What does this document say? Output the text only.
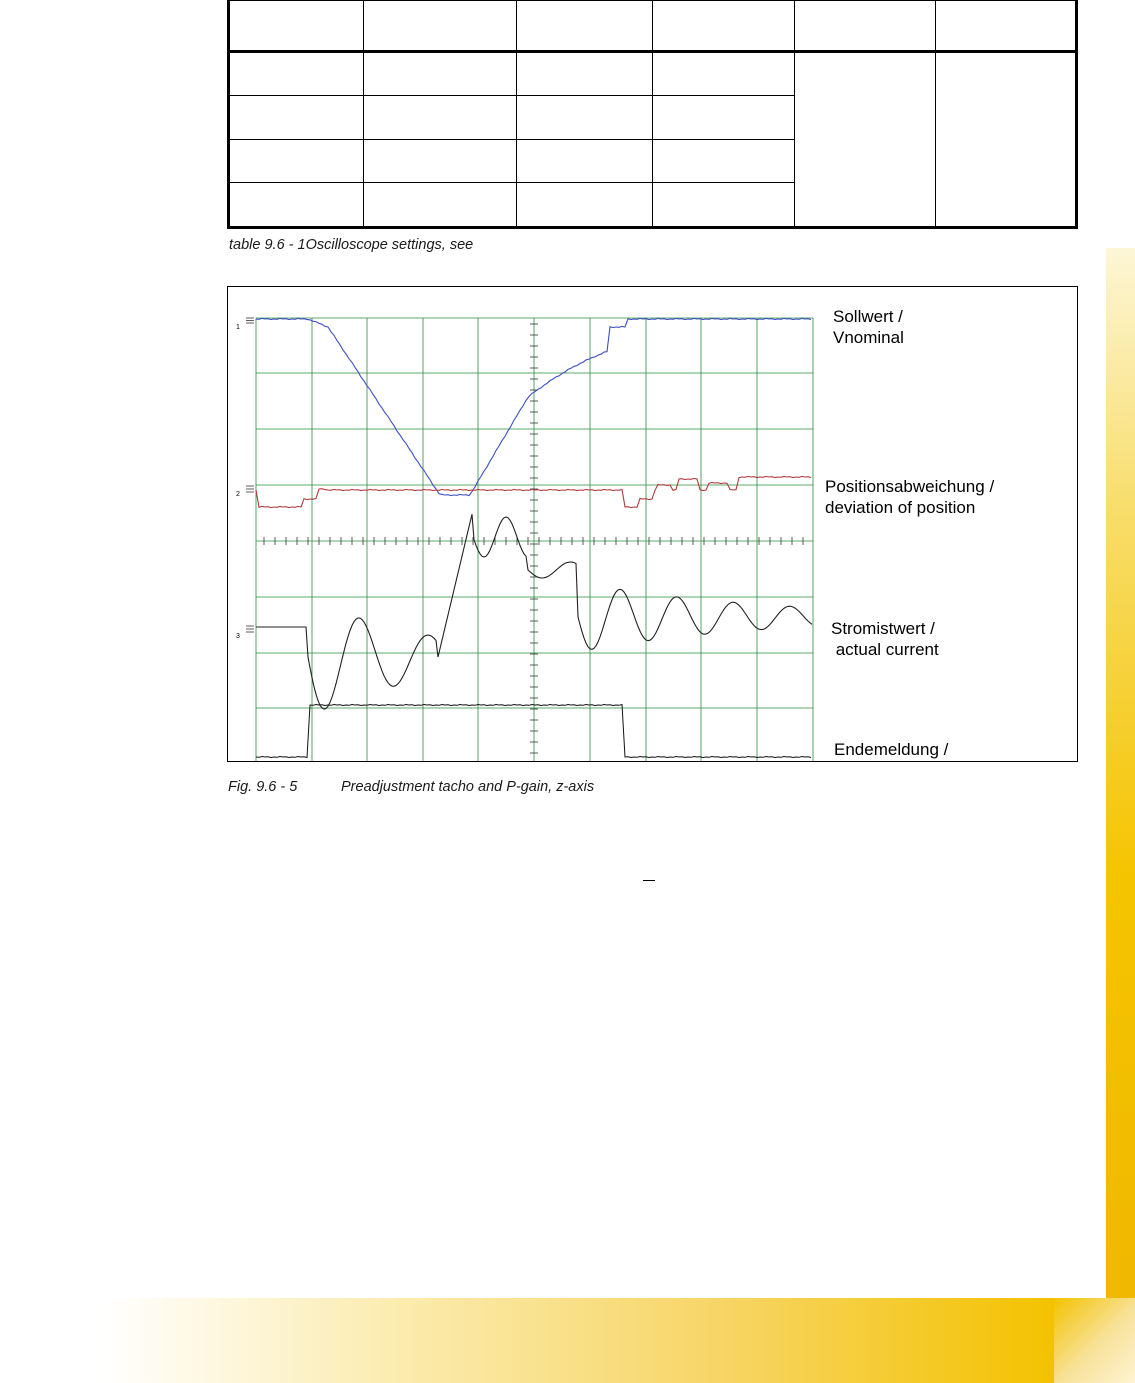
table 9.6 - 1Oscilloscope settings, see

1
2
3
Sollwert /
Vnominal
Positionsabweichung /
deviation of position
Stromistwert /
actual current
Endemeldung /

Fig. 9.6 - 5	Preadjustment tacho and P-gain, z-axis
